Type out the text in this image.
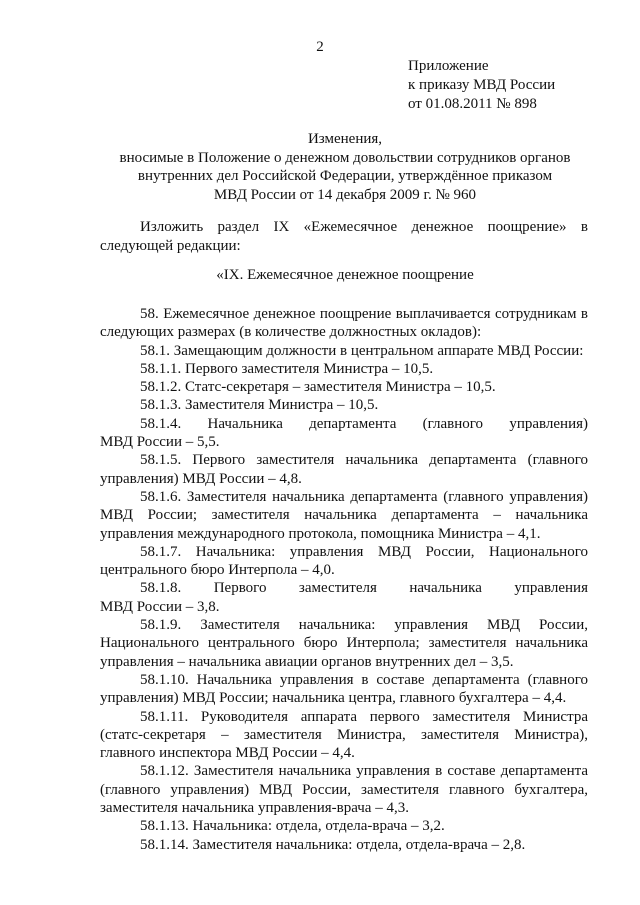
2
Приложение
к приказу МВД России
от 01.08.2011 № 898
Изменения,
вносимые в Положение о денежном довольствии сотрудников органов
внутренних дел Российской Федерации, утверждённое приказом
МВД России от 14 декабря 2009 г. № 960
Изложить раздел IX «Ежемесячное денежное поощрение» в
следующей редакции:
«IX. Ежемесячное денежное поощрение
58. Ежемесячное денежное поощрение выплачивается сотрудникам в
следующих размерах (в количестве должностных окладов):
58.1. Замещающим должности в центральном аппарате МВД России:
58.1.1. Первого заместителя Министра – 10,5.
58.1.2. Статс-секретаря – заместителя Министра – 10,5.
58.1.3. Заместителя Министра – 10,5.
58.1.4. Начальника департамента (главного управления)
МВД России – 5,5.
58.1.5. Первого заместителя начальника департамента (главного
управления) МВД России – 4,8.
58.1.6. Заместителя начальника департамента (главного управления)
МВД России; заместителя начальника департамента – начальника
управления международного протокола, помощника Министра – 4,1.
58.1.7. Начальника: управления МВД России, Национального
центрального бюро Интерпола – 4,0.
58.1.8. Первого заместителя начальника управления
МВД России – 3,8.
58.1.9. Заместителя начальника: управления МВД России,
Национального центрального бюро Интерпола; заместителя начальника
управления – начальника авиации органов внутренних дел – 3,5.
58.1.10. Начальника управления в составе департамента (главного
управления) МВД России; начальника центра, главного бухгалтера – 4,4.
58.1.11. Руководителя аппарата первого заместителя Министра
(статс-секретаря – заместителя Министра, заместителя Министра),
главного инспектора МВД России – 4,4.
58.1.12. Заместителя начальника управления в составе департамента
(главного управления) МВД России, заместителя главного бухгалтера,
заместителя начальника управления-врача – 4,3.
58.1.13. Начальника: отдела, отдела-врача – 3,2.
58.1.14. Заместителя начальника: отдела, отдела-врача – 2,8.
